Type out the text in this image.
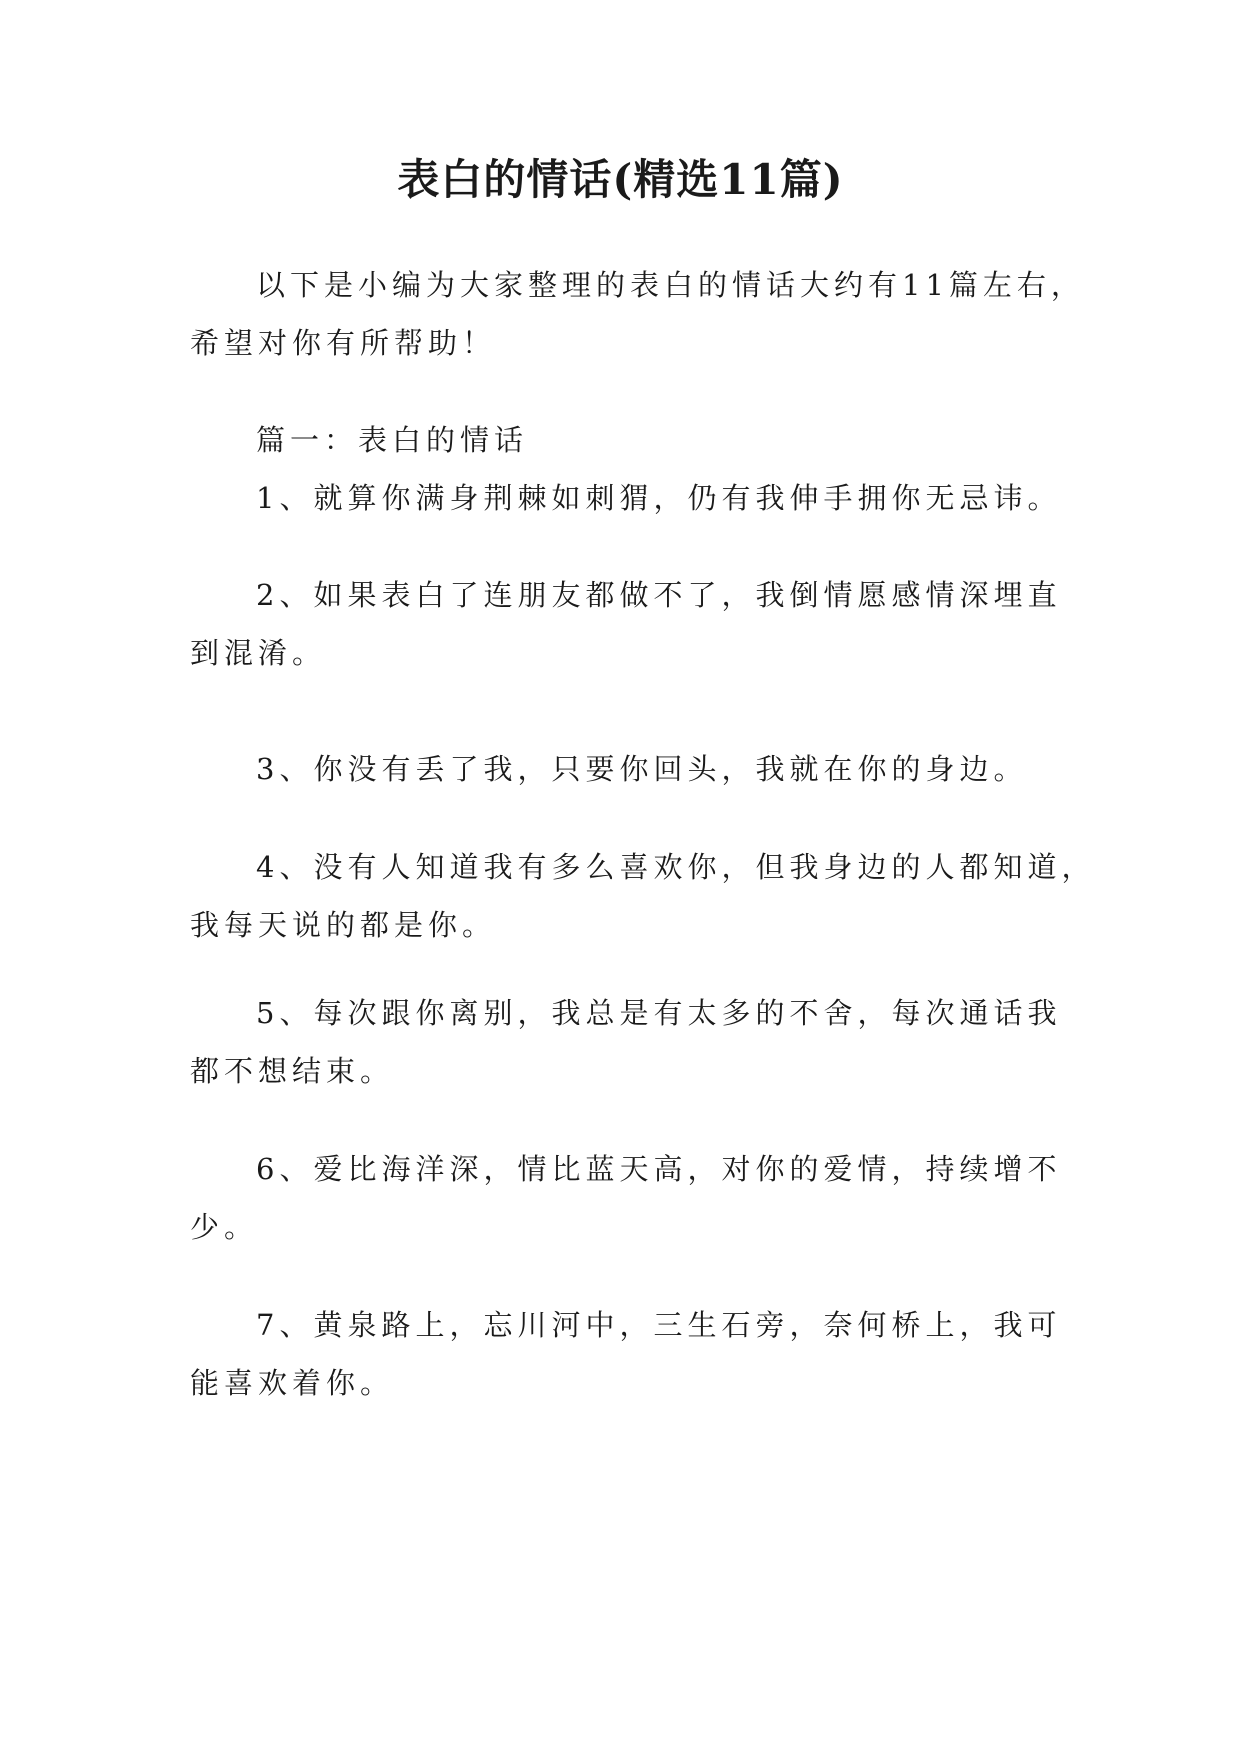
表白的情话(精选11篇)
以下是小编为大家整理的表白的情话大约有11篇左右，
希望对你有所帮助！
篇一：表白的情话
1、就算你满身荆棘如刺猬，仍有我伸手拥你无忌讳。
2、如果表白了连朋友都做不了，我倒情愿感情深埋直
到混淆。
3、你没有丢了我，只要你回头，我就在你的身边。
4、没有人知道我有多么喜欢你，但我身边的人都知道，
我每天说的都是你。
5、每次跟你离别，我总是有太多的不舍，每次通话我
都不想结束。
6、爱比海洋深，情比蓝天高，对你的爱情，持续增不
少。
7、黄泉路上，忘川河中，三生石旁，奈何桥上，我可
能喜欢着你。
